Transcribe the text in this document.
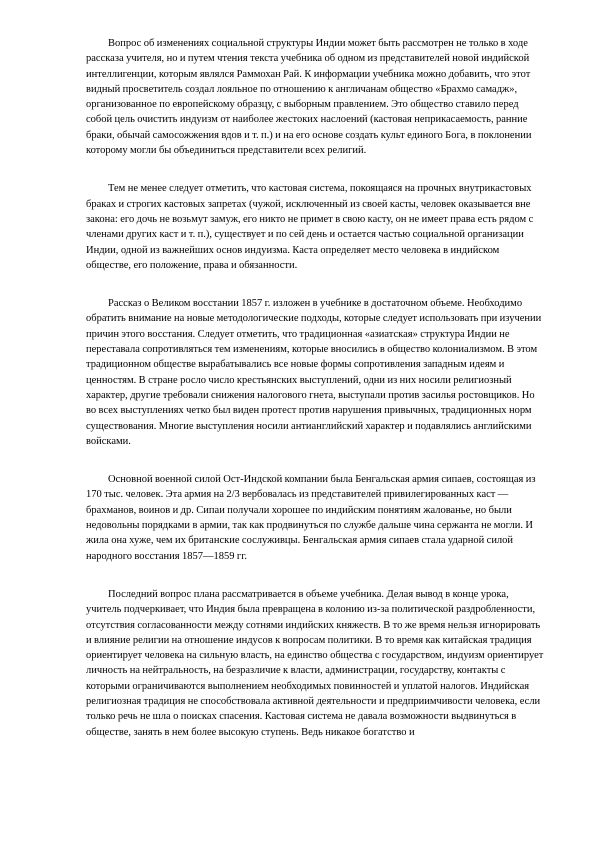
Вопрос об изменениях социальной структуры Индии может быть рассмотрен не только в ходе рассказа учителя, но и путем чтения текста учебника об одном из представителей новой индийской интеллигенции, которым являлся Раммохан Рай. К информации учебника можно добавить, что этот видный просветитель создал лояльное по отношению к англичанам общество «Брахмо самадж», организованное по европейскому образцу, с выборным правлением. Это общество ставило перед собой цель очистить индуизм от наиболее жестоких наслоений (кастовая неприкасаемость, ранние браки, обычай самосожжения вдов и т. п.) и на его основе создать культ единого Бога, в поклонении которому могли бы объединиться представители всех религий.

Тем не менее следует отметить, что кастовая система, покоящаяся на прочных внутрикастовых браках и строгих кастовых запретах (чужой, исключенный из своей касты, человек оказывается вне закона: его дочь не возьмут замуж, его никто не примет в свою касту, он не имеет права есть рядом с членами других каст и т. п.), существует и по сей день и остается частью социальной организации Индии, одной из важнейших основ индуизма. Каста определяет место человека в индийском обществе, его положение, права и обязанности.

Рассказ о Великом восстании 1857 г. изложен в учебнике в достаточном объеме. Необходимо обратить внимание на новые методологические подходы, которые следует использовать при изучении причин этого восстания. Следует отметить, что традиционная «азиатская» структура Индии не переставала сопротивляться тем изменениям, которые вносились в общество колониализмом. В этом традиционном обществе вырабатывались все новые формы сопротивления западным идеям и ценностям. В стране росло число крестьянских выступлений, одни из них носили религиозный характер, другие требовали снижения налогового гнета, выступали против засилья ростовщиков. Но во всех выступлениях четко был виден протест против нарушения привычных, традиционных норм существования. Многие выступления носили антианглийский характер и подавлялись английскими войсками.

Основной военной силой Ост-Индской компании была Бенгальская армия сипаев, состоящая из 170 тыс. человек. Эта армия на 2/3 вербовалась из представителей привилегированных каст — брахманов, воинов и др. Сипаи получали хорошее по индийским понятиям жалованье, но были недовольны порядками в армии, так как продвинуться по службе дальше чина сержанта не могли. И жила она хуже, чем их британские сослуживцы. Бенгальская армия сипаев стала ударной силой народного восстания 1857—1859 гг.

Последний вопрос плана рассматривается в объеме учебника. Делая вывод в конце урока, учитель подчеркивает, что Индия была превращена в колонию из-за политической раздробленности, отсутствия согласованности между сотнями индийских княжеств. В то же время нельзя игнорировать и влияние религии на отношение индусов к вопросам политики. В то время как китайская традиция ориентирует человека на сильную власть, на единство общества с государством, индуизм ориентирует личность на нейтральность, на безразличие к власти, администрации, государству, контакты с которыми ограничиваются выполнением необходимых повинностей и уплатой налогов. Индийская религиозная традиция не способствовала активной деятельности и предприимчивости человека, если только речь не шла о поисках спасения. Кастовая система не давала возможности выдвинуться в обществе, занять в нем более высокую ступень. Ведь никакое богатство и
